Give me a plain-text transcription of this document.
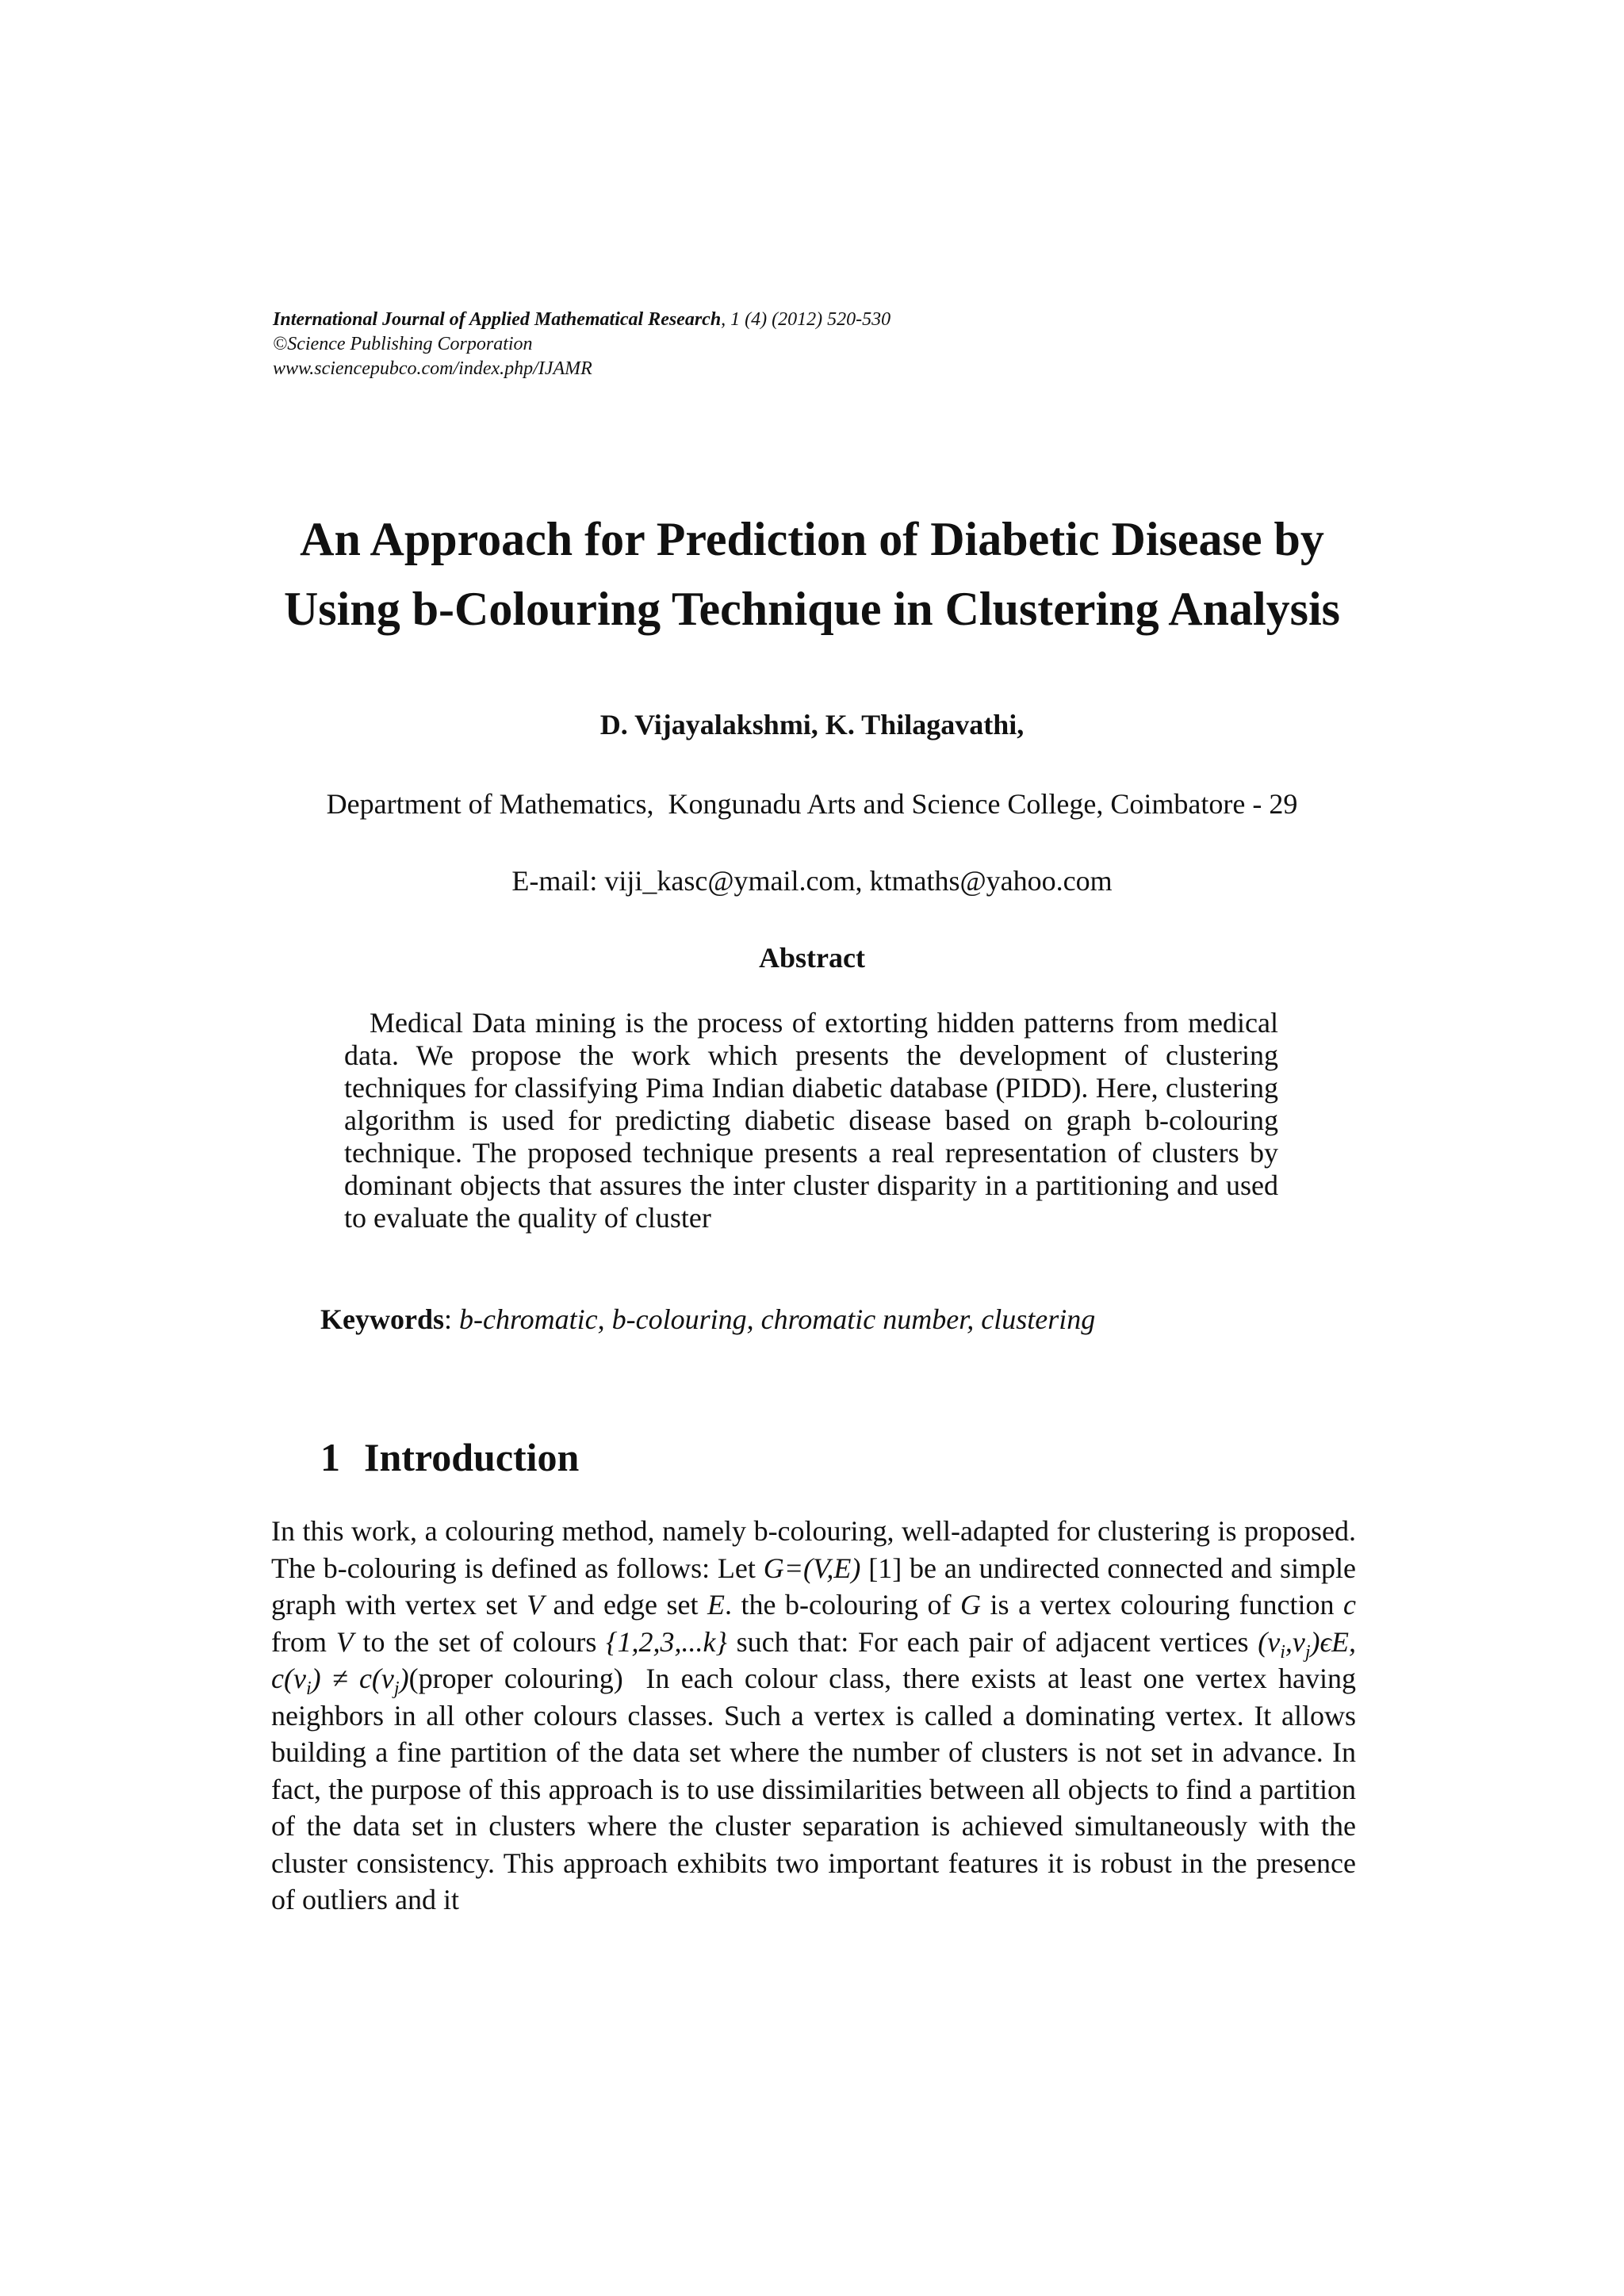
International Journal of Applied Mathematical Research, 1 (4) (2012) 520-530
©Science Publishing Corporation
www.sciencepubco.com/index.php/IJAMR
An Approach for Prediction of Diabetic Disease by
Using b-Colouring Technique in Clustering Analysis
D. Vijayalakshmi, K. Thilagavathi,
Department of Mathematics,  Kongunadu Arts and Science College, Coimbatore - 29
E-mail: viji_kasc@ymail.com, ktmaths@yahoo.com
Abstract
Medical Data mining is the process of extorting hidden patterns from medical data. We propose the work which presents the development of clustering techniques for classifying Pima Indian diabetic database (PIDD). Here, clustering algorithm is used for predicting diabetic disease based on graph b-colouring technique. The proposed technique presents a real representation of clusters by dominant objects that assures the inter cluster disparity in a partitioning and used to evaluate the quality of cluster
Keywords: b-chromatic, b-colouring, chromatic number, clustering
1 Introduction
In this work, a colouring method, namely b-colouring, well-adapted for clustering is proposed.  The b-colouring is defined as follows: Let G=(V,E) [1] be an undirected connected and simple graph with vertex set V and edge set E. the b-colouring of G is a vertex colouring function c from V to the set of colours {1,2,3,...k} such that: For each pair of adjacent vertices $(v_i,v_j)\epsilon E$,  $c(v_i)$ ≠ $c(v_j)(proper$ colouring)  In each colour class, there exists at least one vertex having neighbors in all other colours classes. Such a vertex is called a dominating vertex. It allows building a fine partition of the data set where the number of clusters is not set in advance. In fact, the purpose of this approach is to use dissimilarities between all objects to find a partition of the data set in clusters where the cluster separation is achieved simultaneously with the cluster consistency. This approach exhibits two important features it is robust in the presence of outliers and it
